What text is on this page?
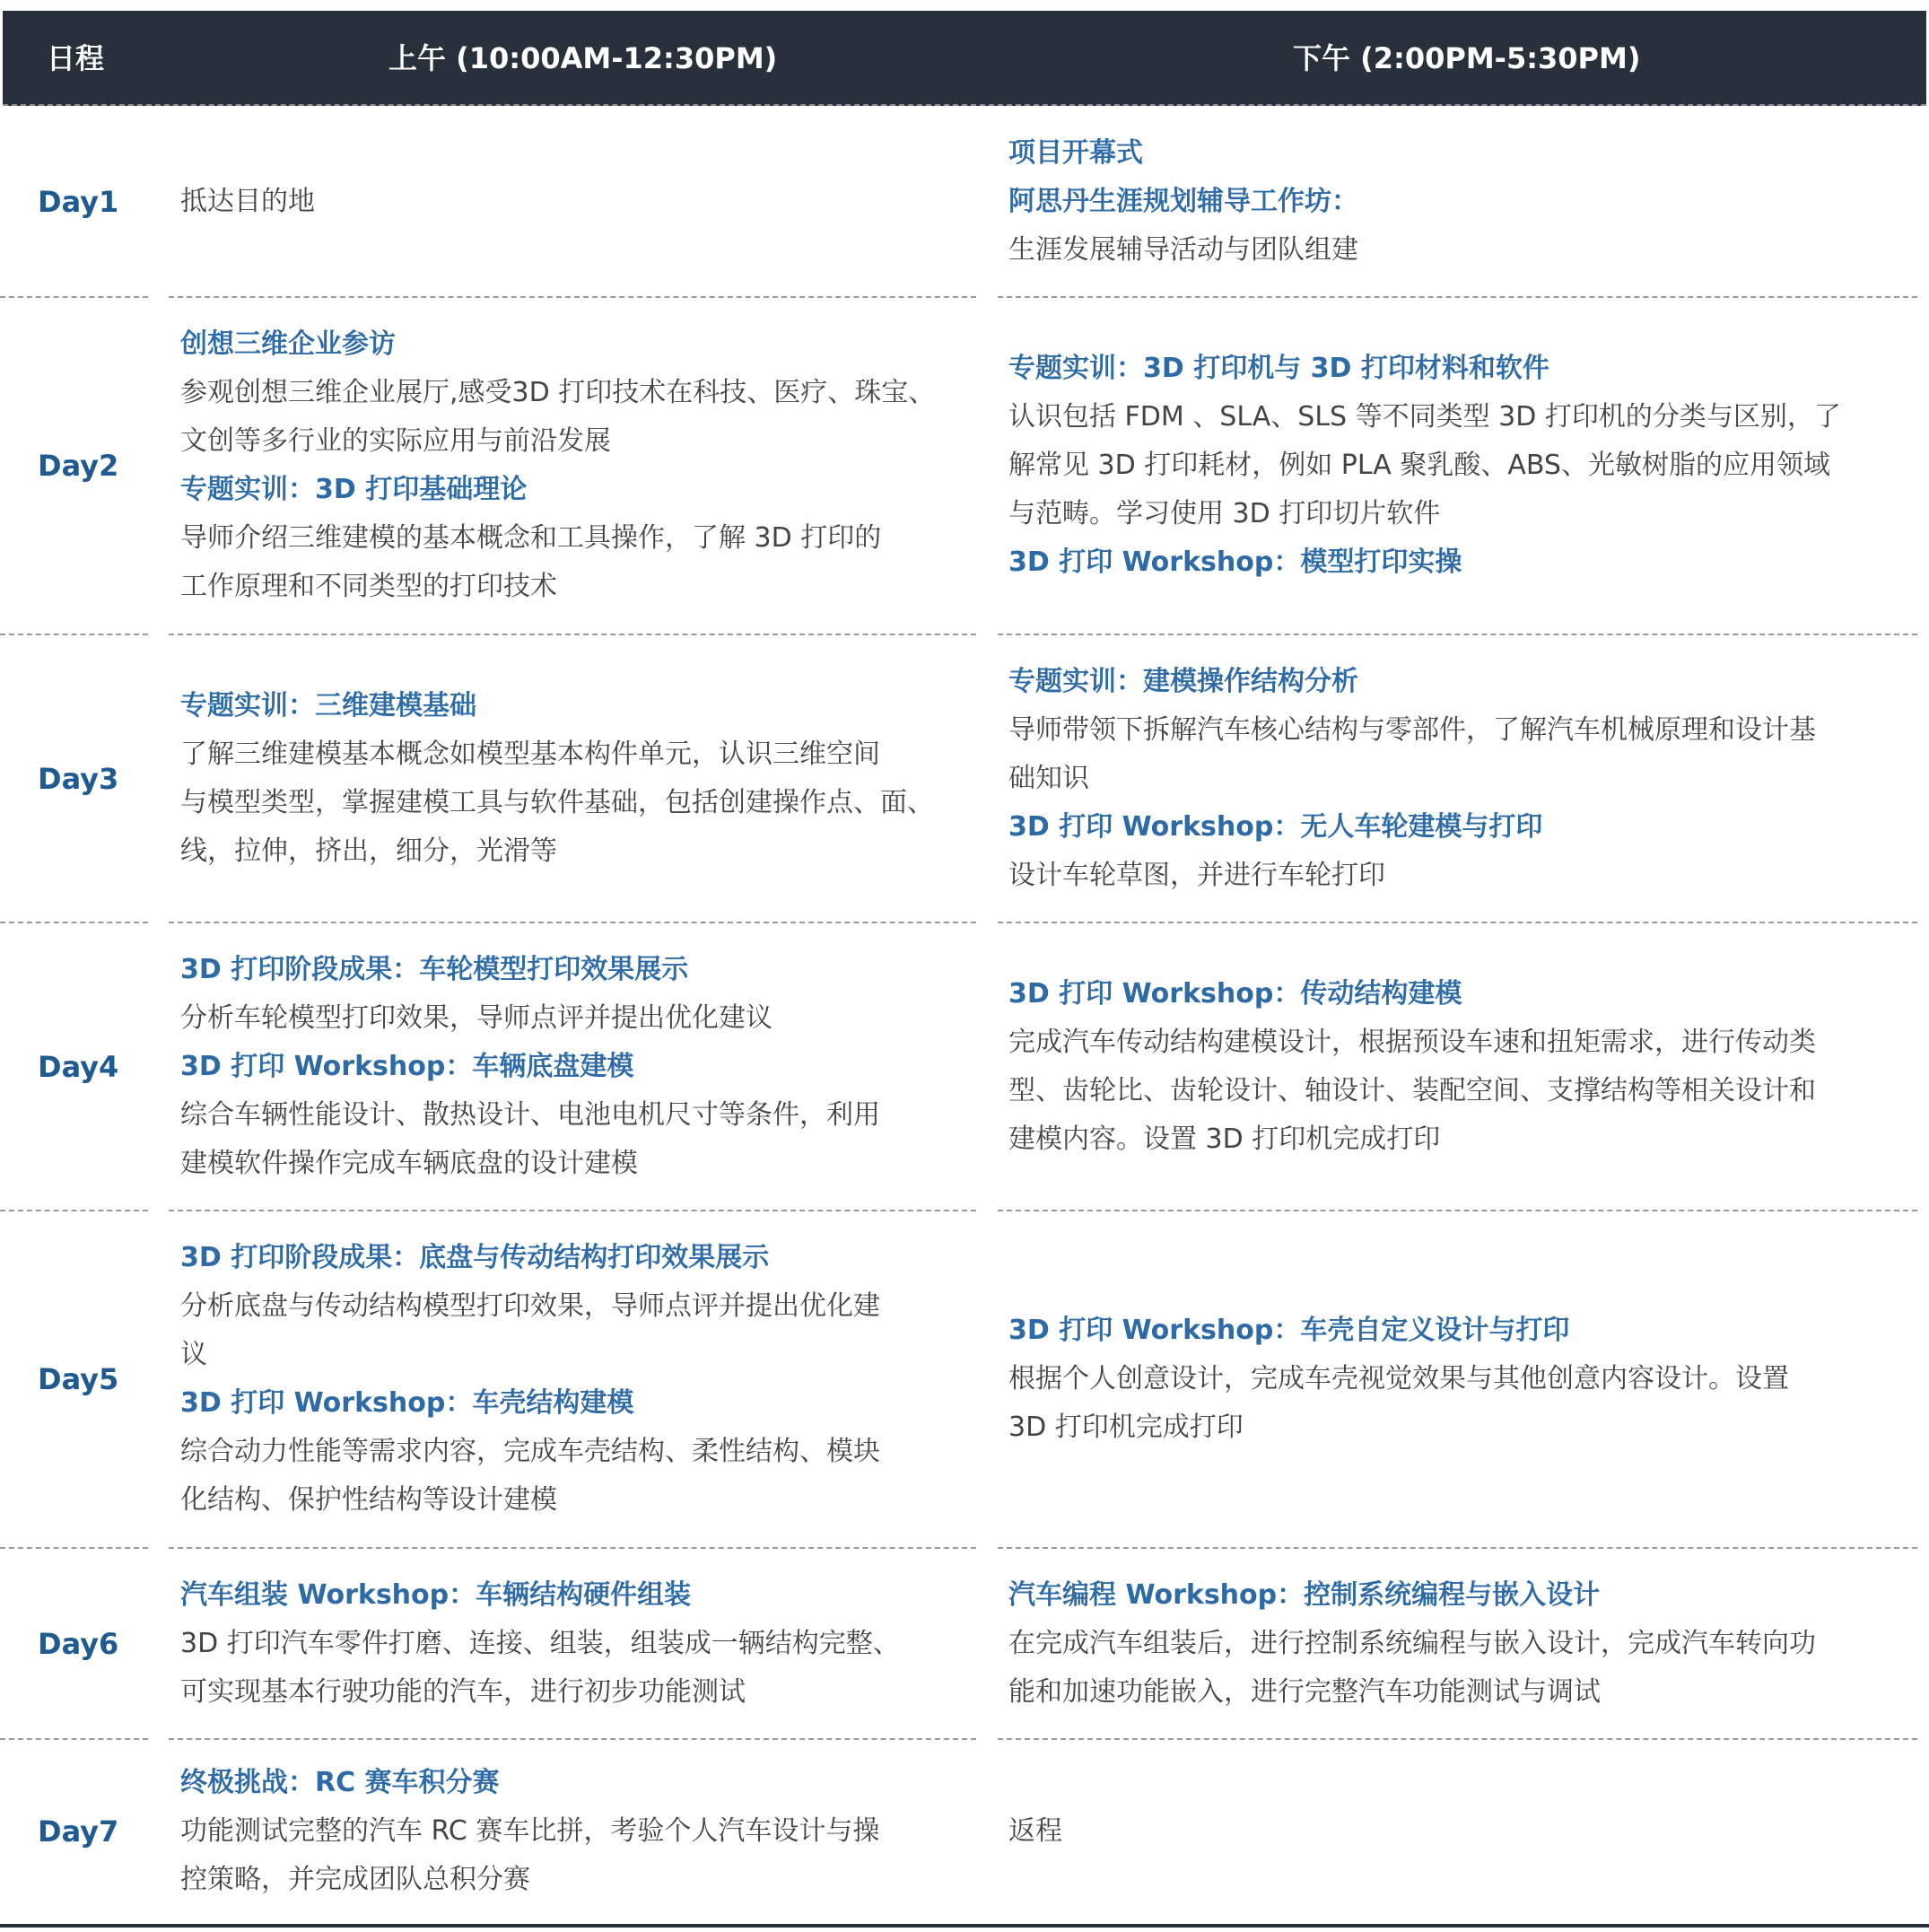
日程	上午 (10:00AM-12:30PM)	下午 (2:00PM-5:30PM)
Day1 抵达目的地
项目开幕式
阿思丹生涯规划辅导工作坊：
生涯发展辅导活动与团队组建
Day2
创想三维企业参访
参观创想三维企业展厅,感受3D 打印技术在科技、医疗、珠宝、
文创等多行业的实际应用与前沿发展
专题实训：3D 打印基础理论
导师介绍三维建模的基本概念和工具操作，了解 3D 打印的
工作原理和不同类型的打印技术
专题实训：3D 打印机与 3D 打印材料和软件
认识包括 FDM 、SLA、SLS 等不同类型 3D 打印机的分类与区别，了
解常见 3D 打印耗材，例如 PLA 聚乳酸、ABS、光敏树脂的应用领域
与范畴。学习使用 3D 打印切片软件
3D 打印 Workshop：模型打印实操
Day3
专题实训：三维建模基础
了解三维建模基本概念如模型基本构件单元，认识三维空间
与模型类型，掌握建模工具与软件基础，包括创建操作点、面、
线，拉伸，挤出，细分，光滑等
专题实训：建模操作结构分析
导师带领下拆解汽车核心结构与零部件，了解汽车机械原理和设计基
础知识
3D 打印 Workshop：无人车轮建模与打印
设计车轮草图，并进行车轮打印
Day4
3D 打印阶段成果：车轮模型打印效果展示
分析车轮模型打印效果，导师点评并提出优化建议
3D 打印 Workshop：车辆底盘建模
综合车辆性能设计、散热设计、电池电机尺寸等条件，利用
建模软件操作完成车辆底盘的设计建模
3D 打印 Workshop：传动结构建模
完成汽车传动结构建模设计，根据预设车速和扭矩需求，进行传动类
型、齿轮比、齿轮设计、轴设计、装配空间、支撑结构等相关设计和
建模内容。设置 3D 打印机完成打印
Day5
3D 打印阶段成果：底盘与传动结构打印效果展示
分析底盘与传动结构模型打印效果，导师点评并提出优化建
议
3D 打印 Workshop：车壳结构建模
综合动力性能等需求内容，完成车壳结构、柔性结构、模块
化结构、保护性结构等设计建模
3D 打印 Workshop：车壳自定义设计与打印
根据个人创意设计，完成车壳视觉效果与其他创意内容设计。设置
3D 打印机完成打印
Day6
汽车组装 Workshop：车辆结构硬件组装
3D 打印汽车零件打磨、连接、组装，组装成一辆结构完整、
可实现基本行驶功能的汽车，进行初步功能测试
汽车编程 Workshop：控制系统编程与嵌入设计
在完成汽车组装后，进行控制系统编程与嵌入设计，完成汽车转向功
能和加速功能嵌入，进行完整汽车功能测试与调试
Day7
终极挑战：RC 赛车积分赛
功能测试完整的汽车 RC 赛车比拼，考验个人汽车设计与操
控策略，并完成团队总积分赛
返程
